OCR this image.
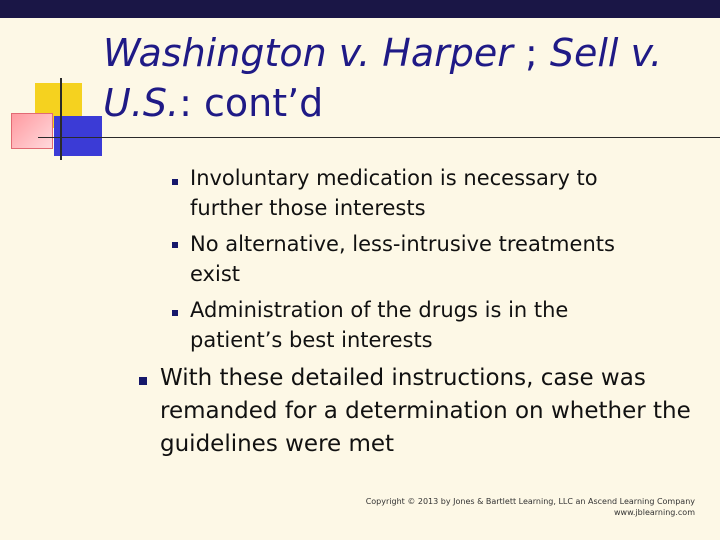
Washington v. Harper ; Sell v. U.S.: cont’d

Involuntary medication is necessary to further those interests

No alternative, less-intrusive treatments exist

Administration of the drugs is in the patient’s best interests

With these detailed instructions, case was remanded for a determination on whether the guidelines were met

Copyright © 2013 by Jones & Bartlett Learning, LLC an Ascend Learning Company
www.jblearning.com
